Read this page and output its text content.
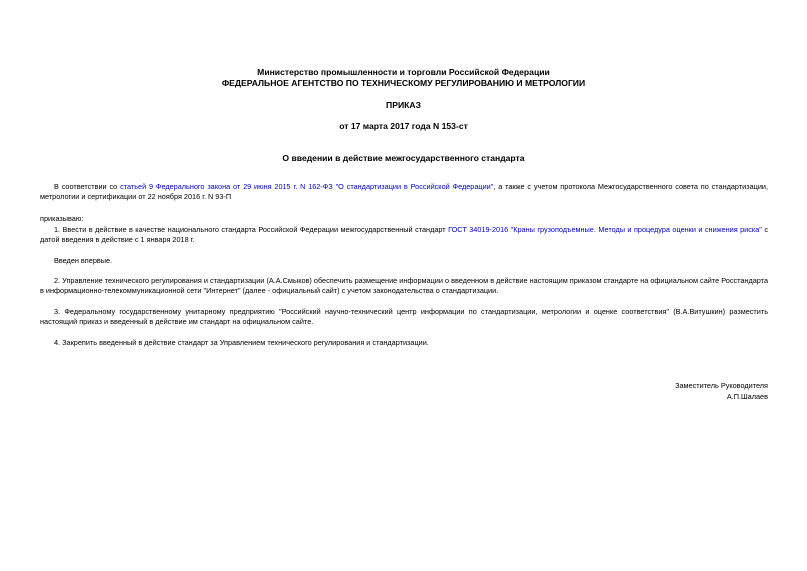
Министерство промышленности и торговли Российской Федерации
ФЕДЕРАЛЬНОЕ АГЕНТСТВО ПО ТЕХНИЧЕСКОМУ РЕГУЛИРОВАНИЮ И МЕТРОЛОГИИ
ПРИКАЗ
от 17 марта 2017 года N 153-ст
О введении в действие межгосударственного стандарта
В соответствии со статьей 9 Федерального закона от 29 июня 2015 г. N 162-ФЗ "О стандартизации в Российской Федерации", а также с учетом протокола Межгосударственного совета по стандартизации, метрологии и сертификации от 22 ноября 2016 г. N 93-П
приказываю:
1. Ввести в действие в качестве национального стандарта Российской Федерации межгосударственный стандарт ГОСТ 34019-2016 "Краны грузоподъемные. Методы и процедура оценки и снижения риска" с датой введения в действие с 1 января 2018 г.
Введен впервые.
2. Управление технического регулирования и стандартизации (А.А.Смыков) обеспечить размещение информации о введенном в действие настоящим приказом стандарте на официальном сайте Росстандарта в информационно-телекоммуникационной сети "Интернет" (далее - официальный сайт) с учетом законодательства о стандартизации.
3. Федеральному государственному унитарному предприятию "Российский научно-технический центр информации по стандартизации, метрологии и оценке соответствия" (В.А.Витушкин) разместить настоящий приказ и введенный в действие им стандарт на официальном сайте.
4. Закрепить введенный в действие стандарт за Управлением технического регулирования и стандартизации.
Заместитель Руководителя
А.П.Шалаев
